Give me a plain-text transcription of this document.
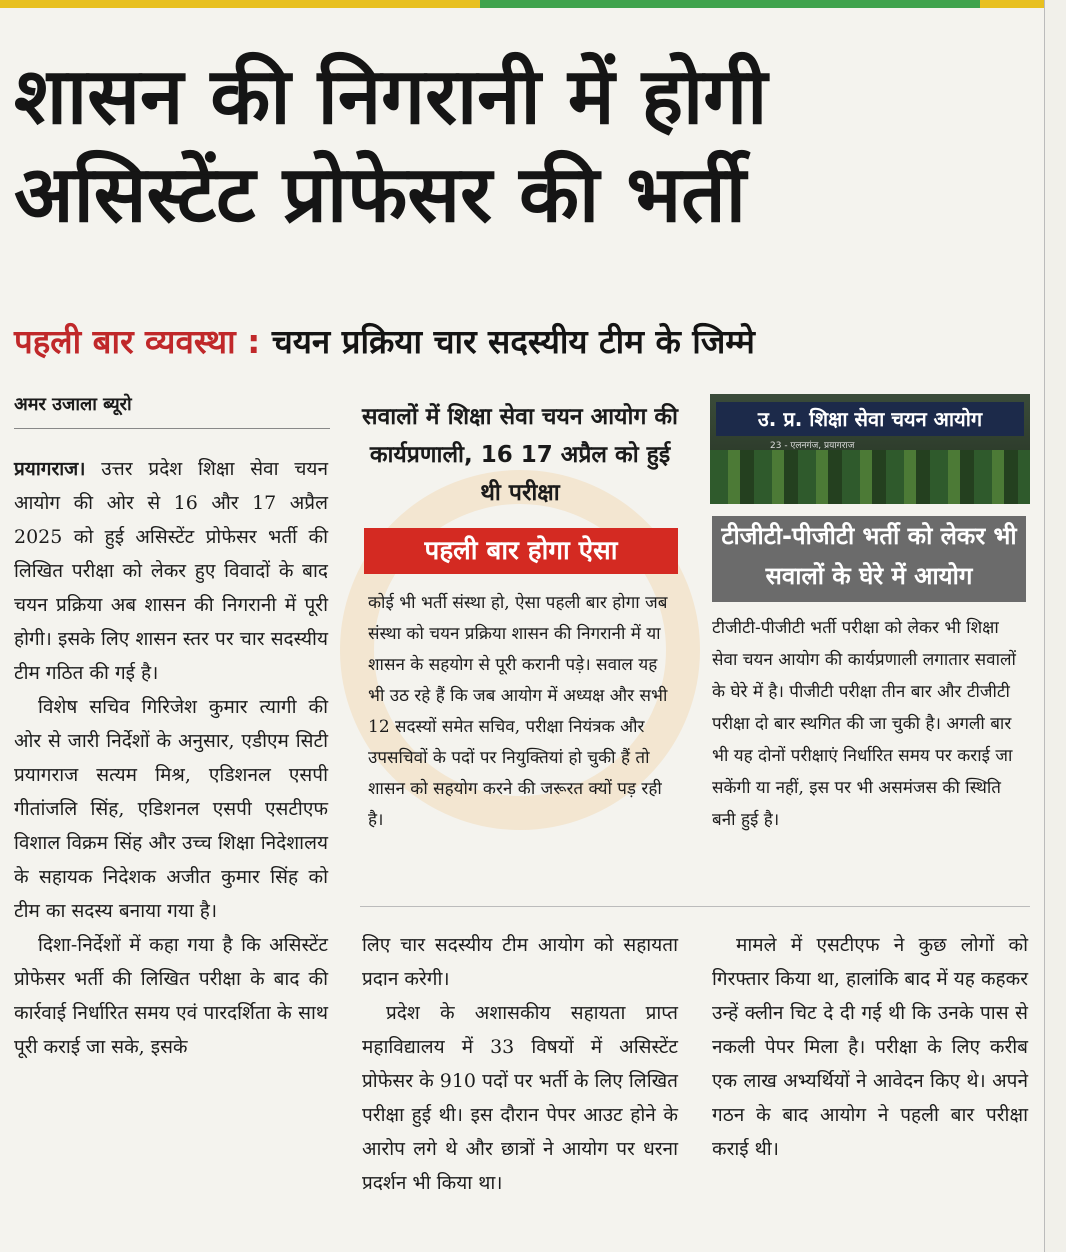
शासन की निगरानी में होगी
असिस्टेंट प्रोफेसर की भर्ती
पहली बार व्यवस्था : चयन प्रक्रिया चार सदस्यीय टीम के जिम्मे
अमर उजाला ब्यूरो

प्रयागराज। उत्तर प्रदेश शिक्षा सेवा चयन आयोग की ओर से 16 और 17 अप्रैल 2025 को हुई असिस्टेंट प्रोफेसर भर्ती की लिखित परीक्षा को लेकर हुए विवादों के बाद चयन प्रक्रिया अब शासन की निगरानी में पूरी होगी। इसके लिए शासन स्तर पर चार सदस्यीय टीम गठित की गई है।

विशेष सचिव गिरिजेश कुमार त्यागी की ओर से जारी निर्देशों के अनुसार, एडीएम सिटी प्रयागराज सत्यम मिश्र, एडिशनल एसपी गीतांजलि सिंह, एडिशनल एसपी एसटीएफ विशाल विक्रम सिंह और उच्च शिक्षा निदेशालय के सहायक निदेशक अजीत कुमार सिंह को टीम का सदस्य बनाया गया है।

दिशा-निर्देशों में कहा गया है कि असिस्टेंट प्रोफेसर भर्ती की लिखित परीक्षा के बाद की कार्रवाई निर्धारित समय एवं पारदर्शिता के साथ पूरी कराई जा सके, इसके

सवालों में शिक्षा सेवा चयन आयोग की कार्यप्रणाली, 16 17 अप्रैल को हुई थी परीक्षा
पहली बार होगा ऐसा
कोई भी भर्ती संस्था हो, ऐसा पहली बार होगा जब संस्था को चयन प्रक्रिया शासन की निगरानी में या शासन के सहयोग से पूरी करानी पड़े। सवाल यह भी उठ रहे हैं कि जब आयोग में अध्यक्ष और सभी 12 सदस्यों समेत सचिव, परीक्षा नियंत्रक और उपसचिवों के पदों पर नियुक्तियां हो चुकी हैं तो शासन को सहयोग करने की जरूरत क्यों पड़ रही है।
उ. प्र. शिक्षा सेवा चयन आयोग
23 - एलनगंज, प्रयागराज
टीजीटी-पीजीटी भर्ती को लेकर भी सवालों के घेरे में आयोग
टीजीटी-पीजीटी भर्ती परीक्षा को लेकर भी शिक्षा सेवा चयन आयोग की कार्यप्रणाली लगातार सवालों के घेरे में है। पीजीटी परीक्षा तीन बार और टीजीटी परीक्षा दो बार स्थगित की जा चुकी है। अगली बार भी यह दोनों परीक्षाएं निर्धारित समय पर कराई जा सकेंगी या नहीं, इस पर भी असमंजस की स्थिति बनी हुई है।

लिए चार सदस्यीय टीम आयोग को सहायता प्रदान करेगी।

प्रदेश के अशासकीय सहायता प्राप्त महाविद्यालय में 33 विषयों में असिस्टेंट प्रोफेसर के 910 पदों पर भर्ती के लिए लिखित परीक्षा हुई थी। इस दौरान पेपर आउट होने के आरोप लगे थे और छात्रों ने आयोग पर धरना प्रदर्शन भी किया था।

मामले में एसटीएफ ने कुछ लोगों को गिरफ्तार किया था, हालांकि बाद में यह कहकर उन्हें क्लीन चिट दे दी गई थी कि उनके पास से नकली पेपर मिला है। परीक्षा के लिए करीब एक लाख अभ्यर्थियों ने आवेदन किए थे। अपने गठन के बाद आयोग ने पहली बार परीक्षा कराई थी।
